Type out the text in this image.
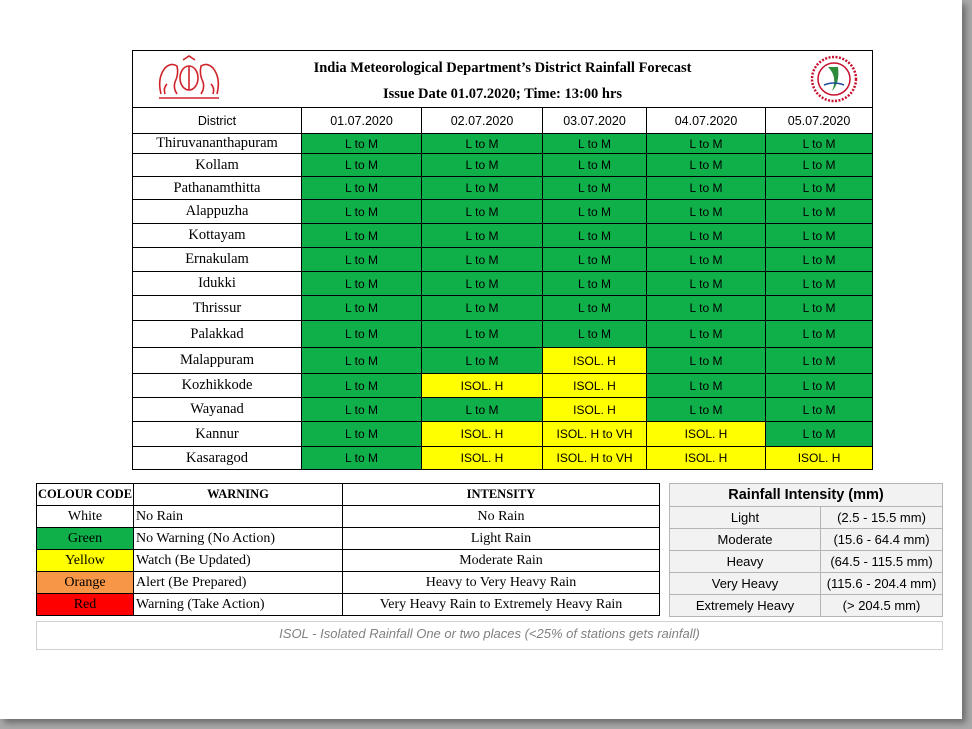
India Meteorological Department’s District Rainfall Forecast
Issue Date 01.07.2020; Time: 13:00 hrs					

District	01.07.2020	02.07.2020	03.07.2020	04.07.2020	05.07.2020
Thiruvananthapuram	L to M	L to M	L to M	L to M	L to M
Kollam	L to M	L to M	L to M	L to M	L to M
Pathanamthitta	L to M	L to M	L to M	L to M	L to M
Alappuzha	L to M	L to M	L to M	L to M	L to M
Kottayam	L to M	L to M	L to M	L to M	L to M
Ernakulam	L to M	L to M	L to M	L to M	L to M
Idukki	L to M	L to M	L to M	L to M	L to M
Thrissur	L to M	L to M	L to M	L to M	L to M
Palakkad	L to M	L to M	L to M	L to M	L to M
Malappuram	L to M	L to M	ISOL. H	L to M	L to M
Kozhikkode	L to M	ISOL. H	ISOL. H	L to M	L to M
Wayanad	L to M	L to M	ISOL. H	L to M	L to M
Kannur	L to M	ISOL. H	ISOL. H to VH	ISOL. H	L to M
Kasaragod	L to M	ISOL. H	ISOL. H to VH	ISOL. H	ISOL. H
COLOUR CODE	WARNING	INTENSITY
White	No Rain	No Rain
Green	No Warning (No Action)	Light Rain
Yellow	Watch (Be Updated)	Moderate Rain
Orange	Alert (Be Prepared)	Heavy to Very Heavy Rain
Red	Warning (Take Action)	Very Heavy Rain to Extremely Heavy Rain
Rainfall Intensity (mm)	
Light	(2.5 - 15.5 mm)
Moderate	(15.6 - 64.4 mm)
Heavy	(64.5 - 115.5 mm)
Very Heavy	(115.6 - 204.4 mm)
Extremely Heavy	(> 204.5 mm)
ISOL - Isolated Rainfall One or two places (<25% of stations gets rainfall)
